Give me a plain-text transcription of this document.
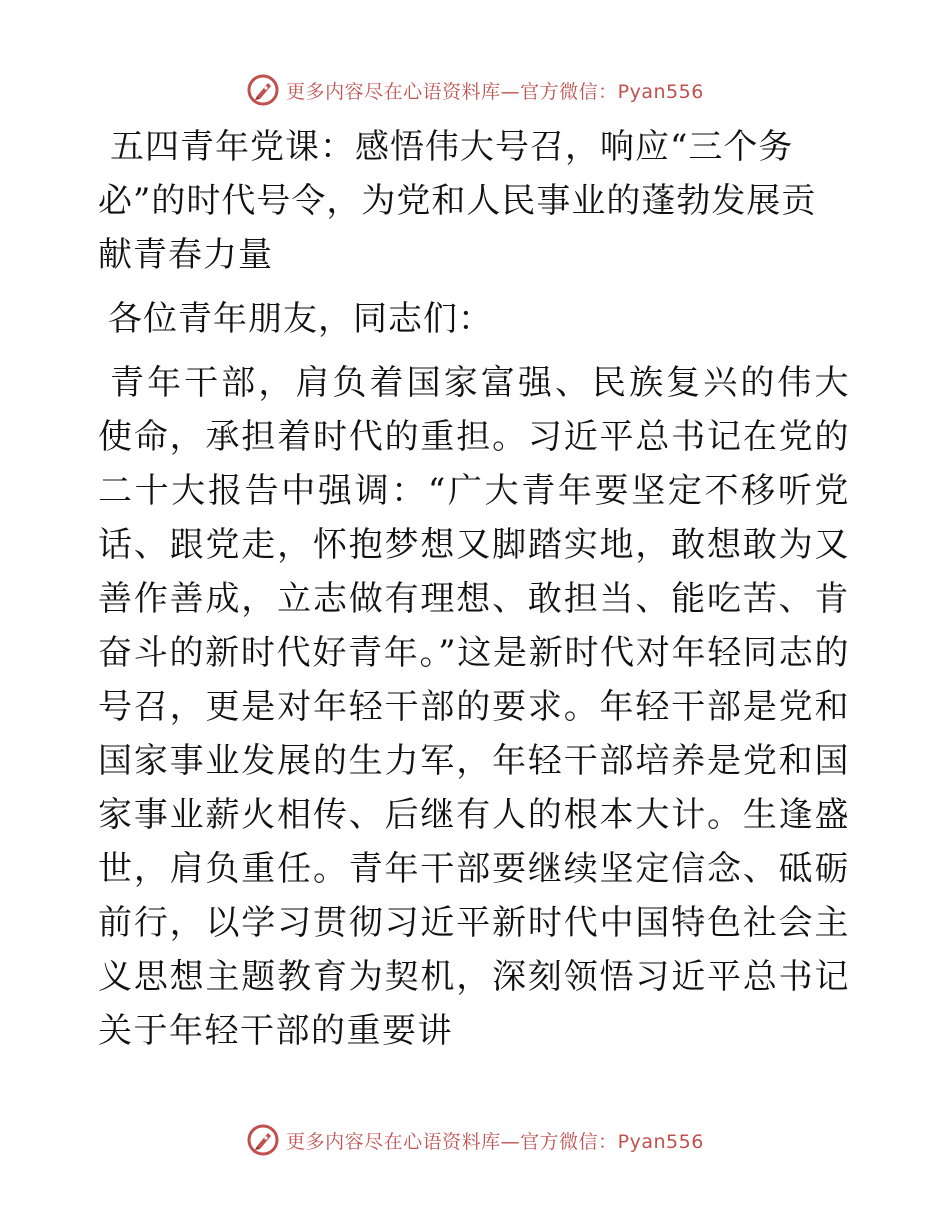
更多内容尽在心语资料库—官方微信：Pyan556
五四青年党课：感悟伟大号召，响应“三个务必”的时代号令，为党和人民事业的蓬勃发展贡献青春力量

各位青年朋友，同志们：

青年干部，肩负着国家富强、民族复兴的伟大使命，承担着时代的重担。习近平总书记在党的二十大报告中强调：“广大青年要坚定不移听党话、跟党走，怀抱梦想又脚踏实地，敢想敢为又善作善成，立志做有理想、敢担当、能吃苦、肯奋斗的新时代好青年。”这是新时代对年轻同志的号召，更是对年轻干部的要求。年轻干部是党和国家事业发展的生力军，年轻干部培养是党和国家事业薪火相传、后继有人的根本大计。生逢盛世，肩负重任。青年干部要继续坚定信念、砥砺前行，以学习贯彻习近平新时代中国特色社会主义思想主题教育为契机，深刻领悟习近平总书记关于年轻干部的重要讲

更多内容尽在心语资料库—官方微信：Pyan556
